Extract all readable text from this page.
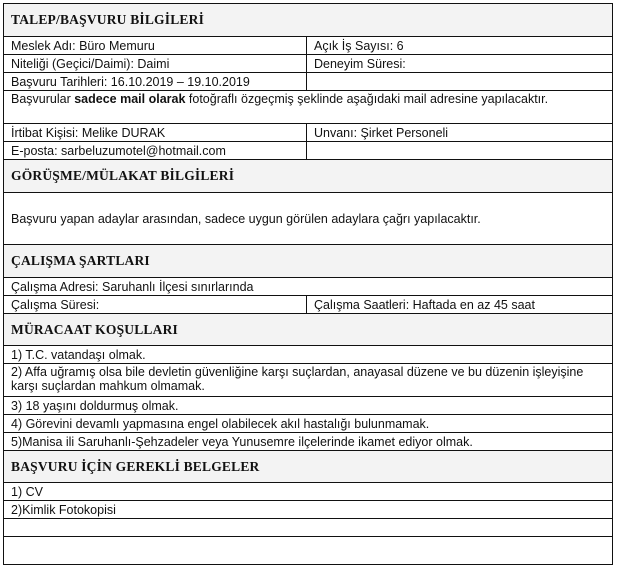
TALEP/BAŞVURU BİLGİLERİ
Meslek Adı: Büro Memuru	Açık İş Sayısı: 6
Niteliği (Geçici/Daimi): Daimi	Deneyim Süresi:
Başvuru Tarihleri: 16.10.2019 – 19.10.2019
Başvurular sadece mail olarak fotoğraflı özgeçmiş şeklinde aşağıdaki mail adresine yapılacaktır.
İrtibat Kişisi: Melike DURAK	Unvanı: Şirket Personeli
E-posta: sarbeluzumotel@hotmail.com
GÖRÜŞME/MÜLAKAT BİLGİLERİ
Başvuru yapan adaylar arasından, sadece uygun görülen adaylara çağrı yapılacaktır.
ÇALIŞMA ŞARTLARI
Çalışma Adresi: Saruhanlı İlçesi sınırlarında
Çalışma Süresi:	Çalışma Saatleri: Haftada en az 45 saat
MÜRACAAT KOŞULLARI
1) T.C. vatandaşı olmak.
2) Affa uğramış olsa bile devletin güvenliğine karşı suçlardan, anayasal düzene ve bu düzenin işleyişine karşı suçlardan mahkum olmamak.
3) 18 yaşını doldurmuş olmak.
4) Görevini devamlı yapmasına engel olabilecek akıl hastalığı bulunmamak.
5)Manisa ili Saruhanlı-Şehzadeler veya Yunusemre ilçelerinde ikamet ediyor olmak.
BAŞVURU İÇİN GEREKLİ BELGELER
1) CV
2)Kimlik Fotokopisi
